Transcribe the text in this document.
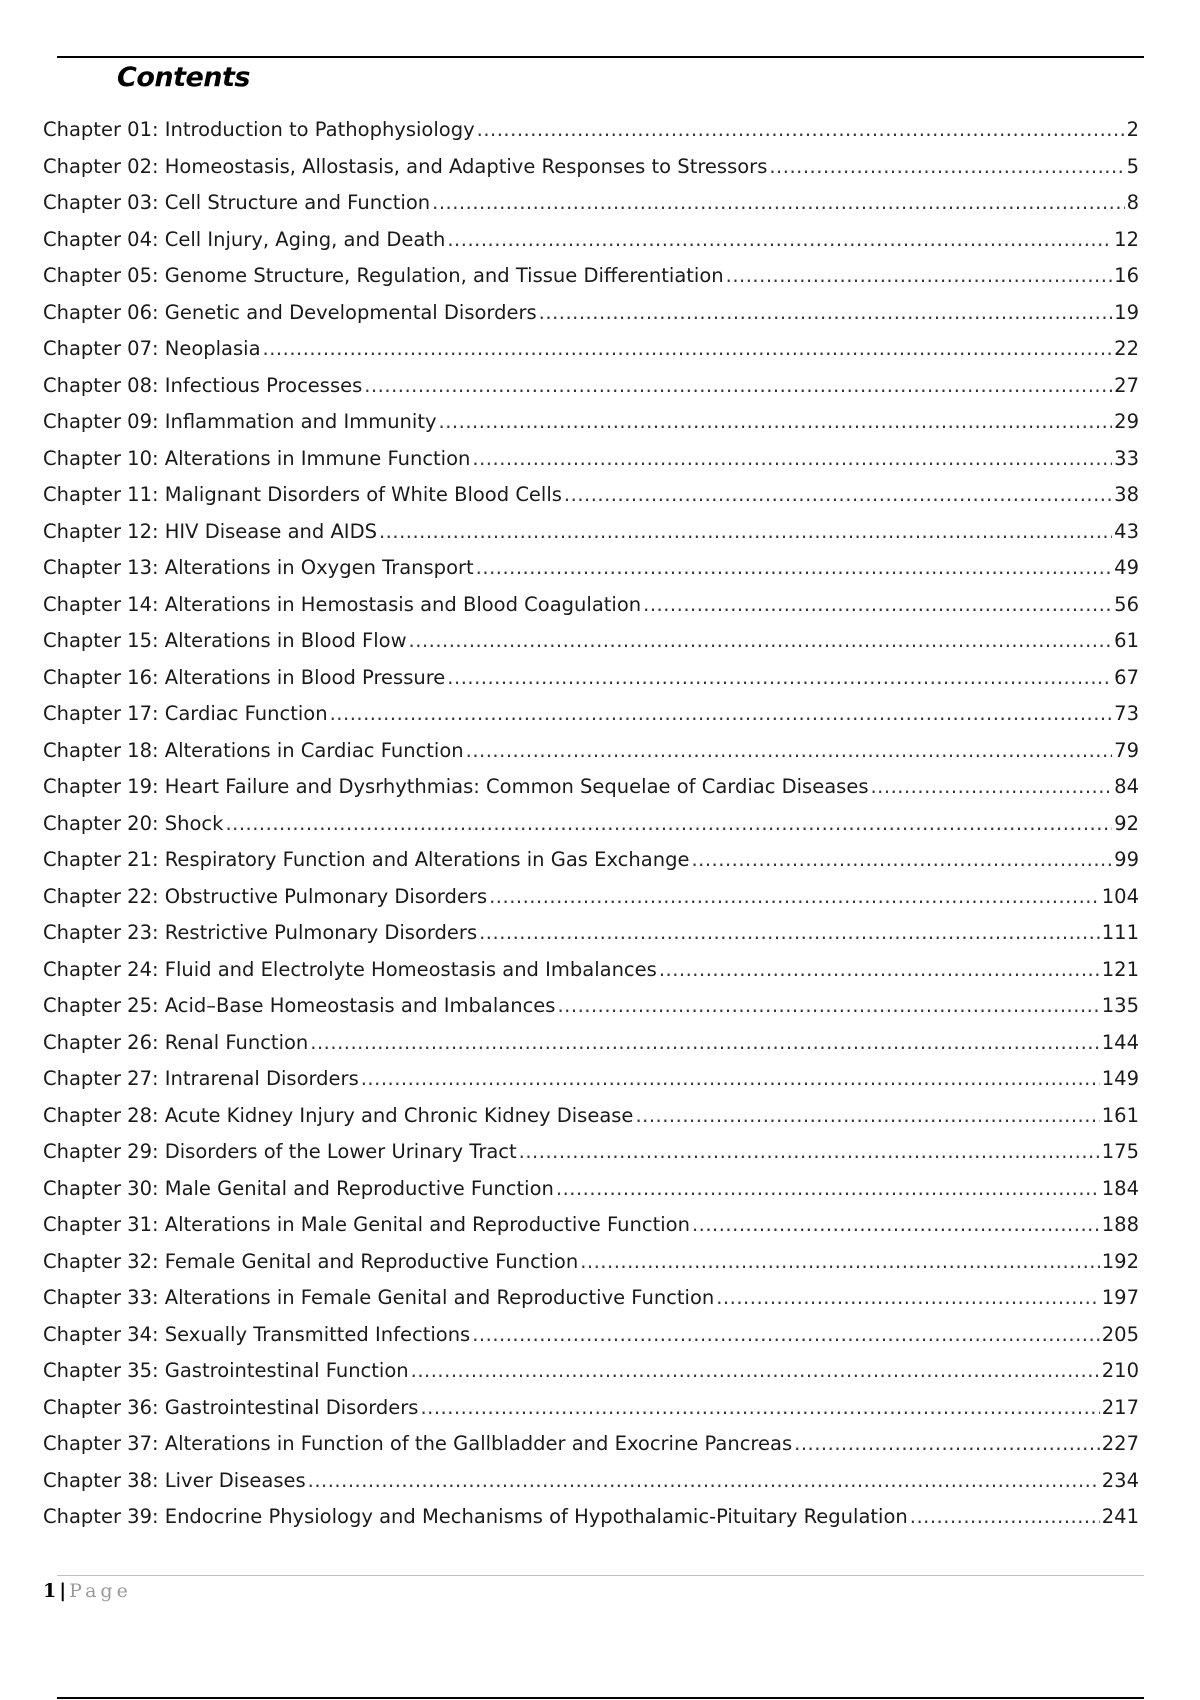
Contents
Chapter 01: Introduction to Pathophysiology .....	2
Chapter 02: Homeostasis, Allostasis, and Adaptive Responses to Stressors .....	5
Chapter 03: Cell Structure and Function .....	8
Chapter 04: Cell Injury, Aging, and Death .....	12
Chapter 05: Genome Structure, Regulation, and Tissue Differentiation .....	16
Chapter 06: Genetic and Developmental Disorders .....	19
Chapter 07: Neoplasia .....	22
Chapter 08: Infectious Processes .....	27
Chapter 09: Inflammation and Immunity .....	29
Chapter 10: Alterations in Immune Function .....	33
Chapter 11: Malignant Disorders of White Blood Cells .....	38
Chapter 12: HIV Disease and AIDS .....	43
Chapter 13: Alterations in Oxygen Transport .....	49
Chapter 14: Alterations in Hemostasis and Blood Coagulation .....	56
Chapter 15: Alterations in Blood Flow .....	61
Chapter 16: Alterations in Blood Pressure .....	67
Chapter 17: Cardiac Function .....	73
Chapter 18: Alterations in Cardiac Function .....	79
Chapter 19: Heart Failure and Dysrhythmias: Common Sequelae of Cardiac Diseases .....	84
Chapter 20: Shock .....	92
Chapter 21: Respiratory Function and Alterations in Gas Exchange .....	99
Chapter 22: Obstructive Pulmonary Disorders .....	104
Chapter 23: Restrictive Pulmonary Disorders .....	111
Chapter 24: Fluid and Electrolyte Homeostasis and Imbalances .....	121
Chapter 25: Acid–Base Homeostasis and Imbalances .....	135
Chapter 26: Renal Function .....	144
Chapter 27: Intrarenal Disorders .....	149
Chapter 28: Acute Kidney Injury and Chronic Kidney Disease .....	161
Chapter 29: Disorders of the Lower Urinary Tract .....	175
Chapter 30: Male Genital and Reproductive Function .....	184
Chapter 31: Alterations in Male Genital and Reproductive Function .....	188
Chapter 32: Female Genital and Reproductive Function .....	192
Chapter 33: Alterations in Female Genital and Reproductive Function .....	197
Chapter 34: Sexually Transmitted Infections .....	205
Chapter 35: Gastrointestinal Function .....	210
Chapter 36: Gastrointestinal Disorders .....	217
Chapter 37: Alterations in Function of the Gallbladder and Exocrine Pancreas .....	227
Chapter 38: Liver Diseases .....	234
Chapter 39: Endocrine Physiology and Mechanisms of Hypothalamic-Pituitary Regulation .....	241
1 | Page
